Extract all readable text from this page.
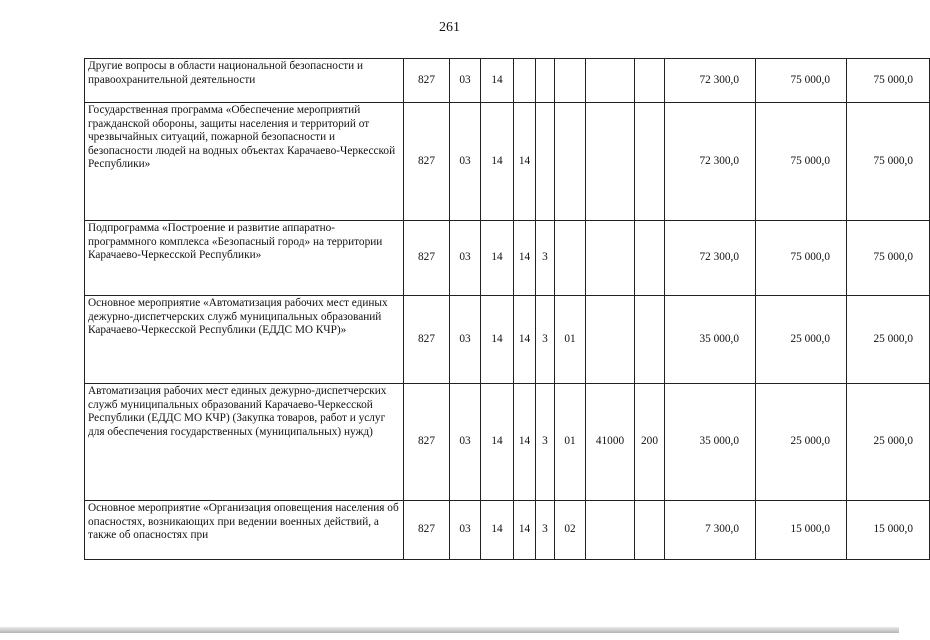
261
Другие вопросы в области национальной безопасности и правоохранительной деятельности	827	03	14						72 300,0	75 000,0	75 000,0
Государственная программа «Обеспечение мероприятий гражданской обороны, защиты населения и территорий от чрезвычайных ситуаций, пожарной безопасности и безопасности людей на водных объектах Карачаево-Черкесской Республики»	827	03	14	14					72 300,0	75 000,0	75 000,0
Подпрограмма «Построение и развитие аппаратно-программного комплекса «Безопасный город» на территории Карачаево-Черкесской Республики»	827	03	14	14	3				72 300,0	75 000,0	75 000,0
Основное мероприятие «Автоматизация рабочих мест единых дежурно-диспетчерских служб муниципальных образований Карачаево-Черкесской Республики (ЕДДС МО КЧР)»	827	03	14	14	3	01			35 000,0	25 000,0	25 000,0
Автоматизация рабочих мест единых дежурно-диспетчерских служб муниципальных образований Карачаево-Черкесской Республики (ЕДДС МО КЧР) (Закупка товаров, работ и услуг для обеспечения государственных (муниципальных) нужд)	827	03	14	14	3	01	41000	200	35 000,0	25 000,0	25 000,0
Основное мероприятие «Организация оповещения населения об опасностях, возникающих при ведении военных действий, а также об опасностях при	827	03	14	14	3	02			7 300,0	15 000,0	15 000,0
